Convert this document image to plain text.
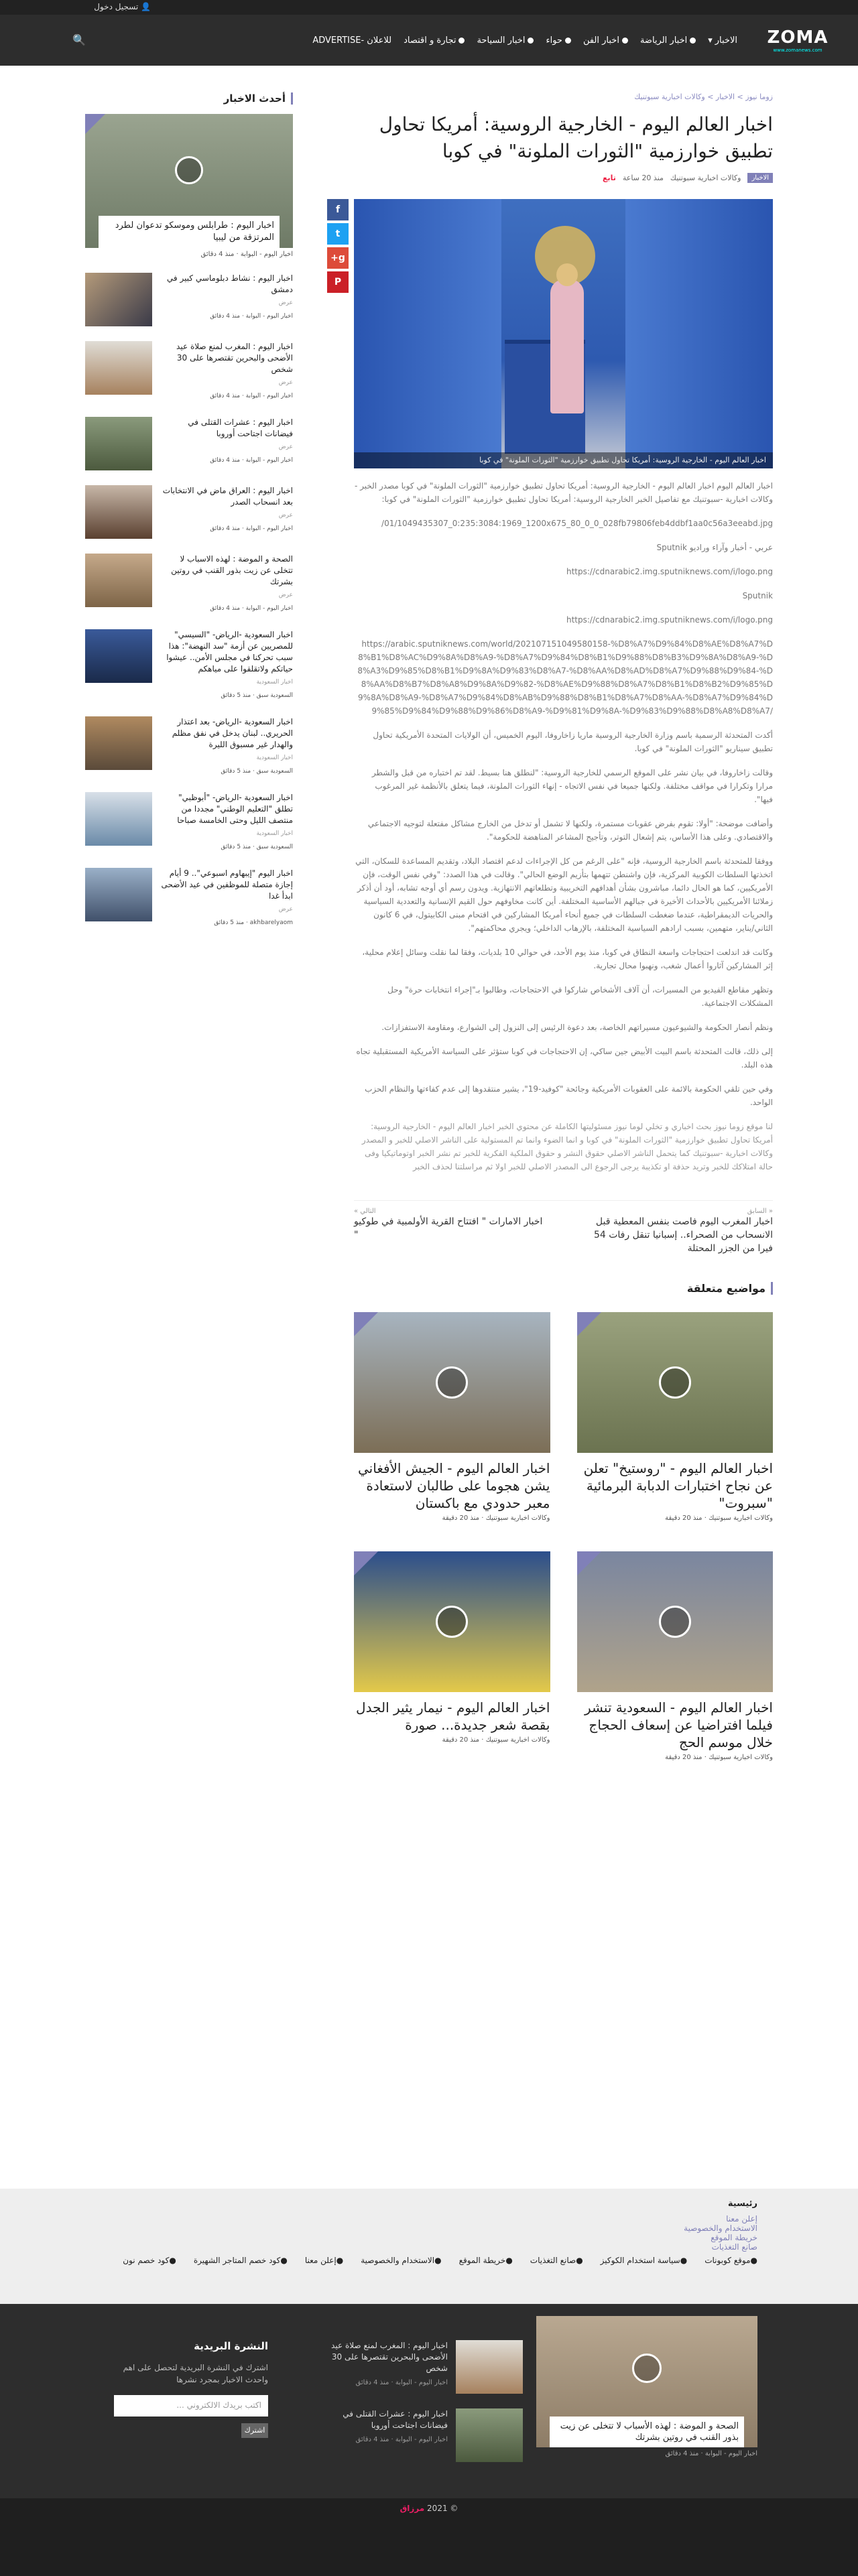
👤 تسجيل دخول
ZOMA
www.zomanews.com
الاخبار
▾
اخبار الرياضة
اخبار الفن
حواء
اخبار السياحة
تجارة و اقتصاد
للاعلان -ADVERTISE
🔍
زوما نيوز > الاخبار > وكالات اخبارية سبوتنيك
اخبار العالم اليوم - الخارجية الروسية: أمريكا تحاول تطبيق خوارزمية "الثورات الملونة" في كوبا
الاخبار
وكالات اخبارية سبوتنيك
منذ 20 ساعة
تابع
f
t
g+
P
اخبار العالم اليوم - الخارجية الروسية: أمريكا تحاول تطبيق خوارزمية "الثورات الملونة" في كوبا

اخبار العالم اليوم اخبار العالم اليوم - الخارجية الروسية: أمريكا تحاول تطبيق خوارزمية "الثورات الملونة" في كوبا مصدر الخبر - وكالات اخبارية -سبوتنيك مع تفاصيل الخبر الخارجية الروسية: أمريكا تحاول تطبيق خوارزمية "الثورات الملونة" في كوبا:

/01/1049435307_0:235:3084:1969_1200x675_80_0_0_028fb79806feb4ddbf1aa0c56a3eeabd.jpg

عربي - أخبار وآراء وراديو Sputnik

https://cdnarabic2.img.sputniknews.com/i/logo.png

Sputnik

https://cdnarabic2.img.sputniknews.com/i/logo.png

https://arabic.sputniknews.com/world/202107151049580158-%D8%A7%D9%84%D8%AE%D8%A7%D8%B1%D8%AC%D9%8A%D8%A9-%D8%A7%D9%84%D8%B1%D9%88%D8%B3%D9%8A%D8%A9-%D8%A3%D9%85%D8%B1%D9%8A%D9%83%D8%A7-%D8%AA%D8%AD%D8%A7%D9%88%D9%84-%D8%AA%D8%B7%D8%A8%D9%8A%D9%82-%D8%AE%D9%88%D8%A7%D8%B1%D8%B2%D9%85%D9%8A%D8%A9-%D8%A7%D9%84%D8%AB%D9%88%D8%B1%D8%A7%D8%AA-%D8%A7%D9%84%D9%85%D9%84%D9%88%D9%86%D8%A9-%D9%81%D9%8A-%D9%83%D9%88%D8%A8%D8%A7/

أكدت المتحدثة الرسمية باسم وزارة الخارجية الروسية ماريا زاخاروفا، اليوم الخميس، أن الولايات المتحدة الأمريكية تحاول تطبيق سيناريو "الثورات الملونة" في كوبا.

وقالت زاخاروفا، في بيان نشر على الموقع الرسمي للخارجية الروسية: "لنطلق هنا بسيط. لقد تم اختباره من قبل والشطر مرارا وتكرارا في مواقف مختلفة. ولكنها جميعا في نفس الاتجاه - إنهاء الثورات الملونة، فيما يتعلق بالأنظمة غير المرغوب فيها".

وأضافت موضحة: "أولا: تقوم بفرض عقوبات مستمرة، ولكنها لا تشمل أو تدخل من الخارج مشاكل مفتعلة لتوجيه الاجتماعي والاقتصادي. وعلى هذا الأساس، يتم إشعال التوتر، وتأجيج المشاعر المناهضة للحكومة".

ووفقا للمتحدثة باسم الخارجية الروسية، فإنه "على الرغم من كل الإجراءات لدعم اقتصاد البلاد، وتقديم المساعدة للسكان، التي اتخذتها السلطات الكوبية المركزية، فإن واشنطن تتهمها بتأزيم الوضع الحالي". وقالت في هذا الصدد: "وفي نفس الوقت، فإن الأمريكيين، كما هو الحال دائما، مباشرون بشأن أهدافهم التخريبية وتطلعاتهم الانتهازية. ويدون رسم أي أوجه تشابه، أود أن أذكر زملائنا الأمريكيين بالأحداث الأخيرة في جبالهم الأساسية المختلفة. أين كانت مخاوفهم حول القيم الإنسانية والتعددية السياسية والحريات الديمقراطية، عندما ضغطت السلطات في جميع أنحاء أمريكا المشاركين في اقتحام مبنى الكابيتول، في 6 كانون الثاني/يناير، متهمين، بسبب ارادهم السياسية المختلفة، بالإرهاب الداخلي؛ ويجري محاكمتهم".

وكانت قد اندلعت احتجاجات واسعة النطاق في كوبا، منذ يوم الأحد، في حوالي 10 بلديات، وفقا لما نقلت وسائل إعلام محلية، إثر المشاركين آثاروا أعمال شغب، ونهبوا محال تجارية.

وتظهر مقاطع الفيديو من المسيرات، أن آلاف الأشخاص شاركوا في الاحتجاجات، وطالبوا بـ"إجراء انتخابات حرة" وحل المشكلات الاجتماعية.

ونظم أنصار الحكومة والشيوعيون مسيراتهم الخاصة، بعد دعوة الرئيس إلى النزول إلى الشوارع، ومقاومة الاستفزازات.

إلى ذلك، قالت المتحدثة باسم البيت الأبيض جين ساكي، إن الاحتجاجات في كوبا ستؤثر على السياسة الأمريكية المستقبلية تجاه هذه البلد.

وفي حين تلقي الحكومة بالائمة على العقوبات الأمريكية وجائحة "كوفيد-19"، يشير منتقدوها إلى عدم كفاءتها والنظام الحزب الواحد.

لنا موقع زوما نيوز بحث اخباري و تخلي لوما نيوز مسئوليتها الكاملة عن محتوي الخبر اخبار العالم اليوم - الخارجية الروسية: أمريكا تحاول تطبيق خوارزمية "الثورات الملونة" في كوبا و انما الضوء وانما تم المستولية على الناشر الاصلي للخبر و المصدر وكالات اخبارية -سبوتنيك كما يتحمل الناشر الاصلي حقوق النشر و حقوق الملكية الفكرية للخبر تم نشر الخبر اوتوماتيكيا وفى حالة امتلاكك للخبر وتريد حذفة او تكذيبة يرجى الرجوع الى المصدر الاصلي للخبر اولا ثم مراسلتنا لحذف الخبر

« السابق
اخبار المغرب اليوم فاصت بنفس المعطية قبل الانسحاب من الصحراء.. إسبانيا تنقل رفات 54 فيرا من الجزر المحتلة
التالي »
اخبار الامارات " افتتاح القرية الأولمبية في طوكيو "
مواضيع متعلقة
اخبار العالم اليوم - "روستيخ" تعلن عن نجاح اختبارات الدبابة البرمائية "سبروت"
وكالات اخبارية سبوتنيك · منذ 20 دقيقة
اخبار العالم اليوم - الجيش الأفغاني يشن هجوما على طالبان لاستعادة معبر حدودي مع باكستان
وكالات اخبارية سبوتنيك · منذ 20 دقيقة
اخبار العالم اليوم - السعودية تنشر فيلما افتراضيا عن إسعاف الحجاج خلال موسم الحج
وكالات اخبارية سبوتنيك · منذ 20 دقيقة
اخبار العالم اليوم - نيمار يثير الجدل بقصة شعر جديدة... صورة
وكالات اخبارية سبوتنيك · منذ 20 دقيقة
أحدث الاخبار
اخبار اليوم : طرابلس وموسكو تدعوان لطرد المرتزقة من ليبيا
اخبار اليوم - البوابة · منذ 4 دقائق
اخبار اليوم : نشاط دبلوماسي كبير في دمشق
عرض
اخبار اليوم - البوابة · منذ 4 دقائق
اخبار اليوم : المغرب لمنع صلاة عيد الأضحى والبحرين تقتصرها على 30 شخص
عرض
اخبار اليوم - البوابة · منذ 4 دقائق
اخبار اليوم : عشرات القتلى في فيضانات اجتاحت أوروبا
عرض
اخبار اليوم - البوابة · منذ 4 دقائق
اخبار اليوم : العراق ماض في الانتخابات بعد انسحاب الصدر
عرض
اخبار اليوم - البوابة · منذ 4 دقائق
الصحة و الموضة : لهذه الاسباب لا تتخلى عن زيت بذور القنب في روتين بشرتك
عرض
اخبار اليوم - البوابة · منذ 4 دقائق
اخبار السعودية -الرياض- "السيسي" للمصريين عن أزمة "سد النهضة": هذا سبب تحركنا في مجلس الأمن.. عيشوا حياتكم ولاتقلقوا على مياهكم
اخبار السعودية
السعودية سبق · منذ 5 دقائق
اخبار السعودية -الرياض- بعد اعتذار الحريري.. لبنان يدخل في نفق مظلم والهدار غير مسبوق الليرة
اخبار السعودية
السعودية سبق · منذ 5 دقائق
اخبار السعودية -الرياض- "أبوظبي" تطلق "التعليم الوطني" مجددا من منتصف الليل وحتى الخامسة صباحا
اخبار السعودية
السعودية سبق · منذ 5 دقائق
اخبار اليوم "إيبهاوم اسبوعي".. 9 أيام إجازة متصلة للموظفين في عيد الأضحى ابدأ غدا
عرض
akhbarelyaom · منذ 5 دقائق
رئيسية
إعلن معنا
الاستخدام والخصوصية
خريطة الموقع
صانع التغذيات
● موقع كوبونات
● سياسة استخدام الكوكيز
● صانع التغذيات
● خريطة الموقع
● الاستخدام والخصوصية
● إعلن معنا
● كود خصم المتاجر الشهيرة
● كود خصم نون
الصحة و الموضة : لهذه الأسباب لا تتخلى عن زيت بذور القنب في روتين بشرتك
اخبار اليوم - البوابة · منذ 4 دقائق
اخبار اليوم : المغرب لمنع صلاة عيد الأضحى والبحرين تقتصرها على 30 شخص
اخبار اليوم - البوابة · منذ 4 دقائق
اخبار اليوم : عشرات القتلى في فيضانات اجتاحت أوروبا
اخبار اليوم - البوابة · منذ 4 دقائق
النشرة البريدية

اشترك في النشرة البريدية لتحصل على اهم واحدث الاخبار بمجرد نشرها

اكتب بريدك الالكتروني ...
اشترك
© 2021 مرزاق
